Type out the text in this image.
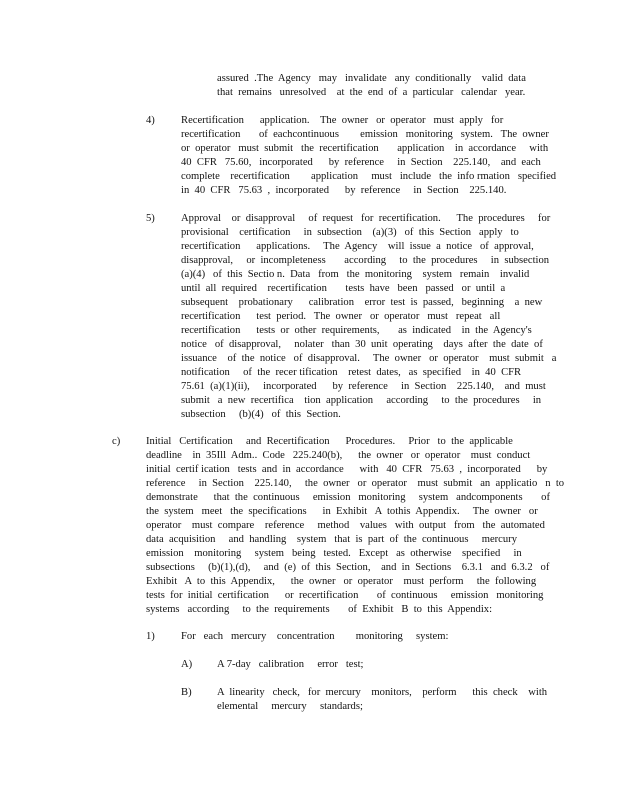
assured  .The  Agency   may   invalidate   any  conditionally    valid  data
that  remains   unresolved    at  the  end  of  a  particular   calendar   year.
4) Recertification      application.    The  owner   or  operator   must  apply   for
recertification       of  eachcontinuous        emission   monitoring   system.   The  owner
or  operator   must  submit   the  recertification       application    in  accordance     with
40  CFR   75.60,   incorporated      by  reference     in  Section    225.140,    and  each
complete    recertification        application     must   include   the  info rmation   specified
in  40  CFR   75.63  ,  incorporated      by  reference     in  Section    225.140.
5) Approval    or  disapproval     of  request   for  recertification.      The  procedures     for
provisional    certification     in  subsection    (a)(3)   of  this  Section   apply   to
recertification      applications.     The  Agency    will  issue  a  notice   of  approval,
disapproval,     or  incompleteness       according     to  the  procedures     in  subsection
(a)(4)   of  this  Sectio n.  Data   from   the  monitoring    system   remain    invalid
until  all  required    recertification       tests  have   been   passed   or  until  a
subsequent    probationary      calibration    error  test  is  passed,   beginning    a  new
recertification      test  period.   The  owner   or  operator   must   repeat   all
recertification      tests  or  other  requirements,       as  indicated    in  the  Agency's
notice   of  disapproval,     nolater   than  30  unit  operating    days  after  the  date  of
issuance    of  the  notice   of  disapproval.     The  owner   or  operator    must  submit   a
notification     of  the  recer tification    retest  dates,   as  specified    in  40  CFR
75.61  (a)(1)(ii),     incorporated      by  reference     in  Section    225.140,    and  must
submit   a  new  recertifica    tion  application     according     to  the  procedures     in
subsection     (b)(4)   of  this  Section.
c) Initial   Certification     and  Recertification      Procedures.     Prior   to  the  applicable
deadline    in  35Ill  Adm..  Code   225.240(b),      the  owner   or  operator    must  conduct
initial  certif ication   tests  and  in  accordance      with   40  CFR   75.63  ,  incorporated      by
reference     in  Section    225.140,     the  owner   or  operator    must  submit   an  applicatio   n  to
demonstrate      that  the  continuous     emission   monitoring     system   andcomponents       of
the  system   meet   the  specifications      in  Exhibit   A  tothis  Appendix.     The  owner   or
operator    must  compare    reference     method    values   with  output   from   the  automated
data  acquisition     and  handling    system   that  is  part  of  the  continuous     mercury
emission    monitoring     system   being   tested.   Except   as  otherwise    specified     in
subsections     (b)(1),(d),     and  (e)  of  this  Section,    and  in  Sections    6.3.1   and  6.3.2   of
Exhibit   A  to  this  Appendix,      the  owner   or  operator    must  perform     the  following
tests  for  initial  certification      or  recertification       of  continuous     emission   monitoring
systems   according     to  the  requirements       of  Exhibit   B  to  this  Appendix:
1) For   each   mercury    concentration        monitoring     system:
A) A 7-day   calibration     error   test;
B) A  linearity   check,   for  mercury    monitors,    perform      this  check    with
elemental     mercury     standards;
